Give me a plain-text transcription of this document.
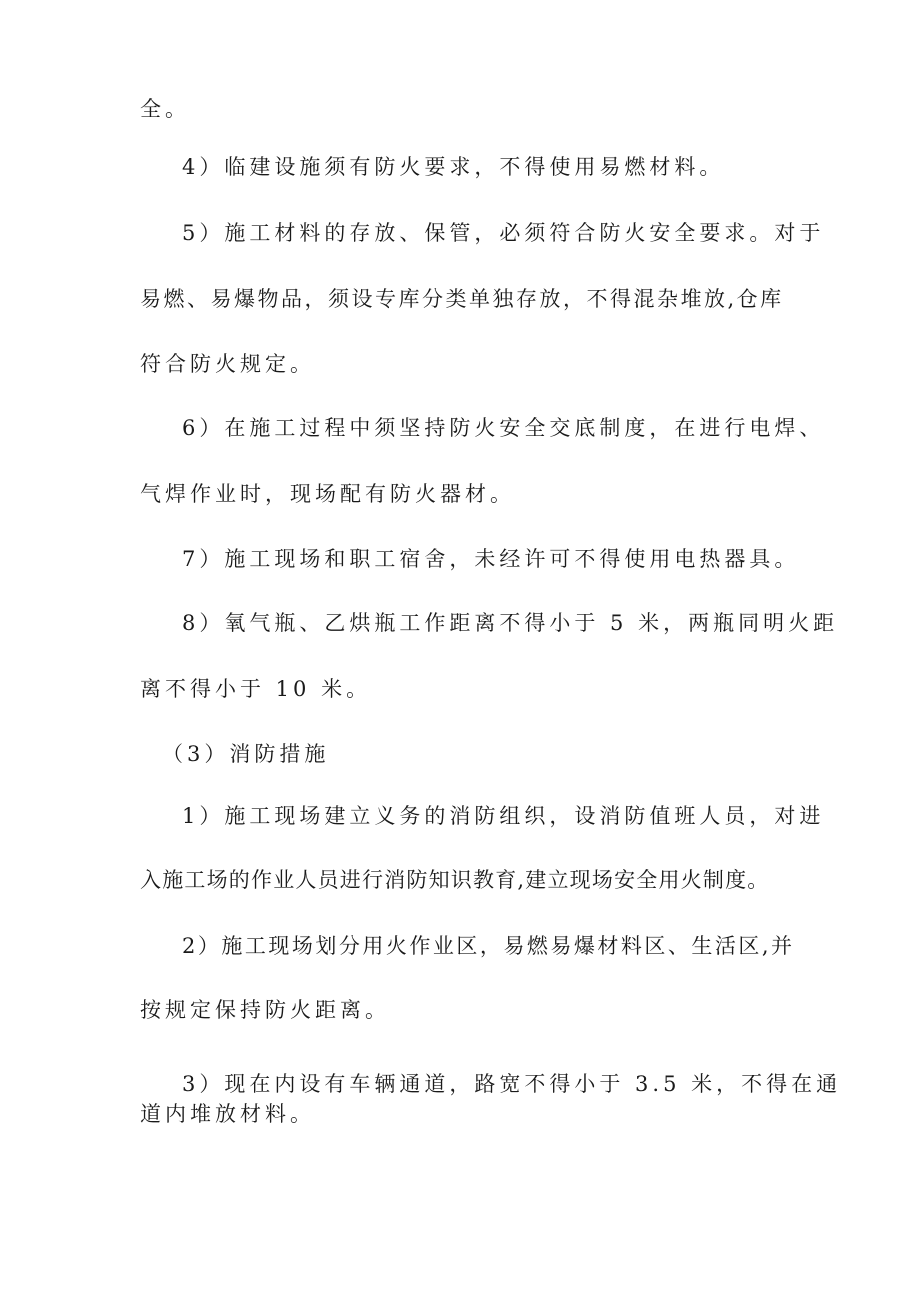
全。
4）临建设施须有防火要求，不得使用易燃材料。
5）施工材料的存放、保管，必须符合防火安全要求。对于
易燃、易爆物品，须设专库分类单独存放，不得混杂堆放,仓库
符合防火规定。
6）在施工过程中须坚持防火安全交底制度，在进行电焊、
气焊作业时，现场配有防火器材。
7）施工现场和职工宿舍，未经许可不得使用电热器具。
8）氧气瓶、乙烘瓶工作距离不得小于 5 米，两瓶同明火距
离不得小于 10 米。
（3）消防措施
1）施工现场建立义务的消防组织，设消防值班人员，对进
入施工场的作业人员进行消防知识教育,建立现场安全用火制度。
2）施工现场划分用火作业区，易燃易爆材料区、生活区,并
按规定保持防火距离。
3）现在内设有车辆通道，路宽不得小于 3.5 米，不得在通
道内堆放材料。
